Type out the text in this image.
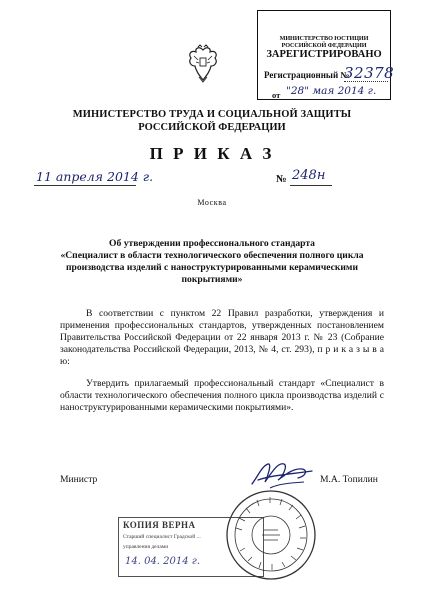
МИНИСТЕРСТВО ЮСТИЦИИ РОССИЙСКОЙ ФЕДЕРАЦИИ
ЗАРЕГИСТРИРОВАНО
Регистрационный №
32378
от "28" мая 2014 г.
МИНИСТЕРСТВО ТРУДА И СОЦИАЛЬНОЙ ЗАЩИТЫ
РОССИЙСКОЙ ФЕДЕРАЦИИ
П Р И К А З
11 апреля 2014 г.	№ 248н
Москва
Об утверждении профессионального стандарта
«Специалист в области технологического обеспечения полного цикла
производства изделий с наноструктурированными керамическими
покрытиями»
В соответствии с пунктом 22 Правил разработки, утверждения и применения профессиональных стандартов, утвержденных постановлением Правительства Российской Федерации от 22 января 2013 г. № 23 (Собрание законодательства Российской Федерации, 2013, № 4, ст. 293), п р и к а з ы в а ю:
Утвердить прилагаемый профессиональный стандарт «Специалист в области технологического обеспечения полного цикла производства изделий с наноструктурированными керамическими покрытиями».
Министр	М.А. Топилин
КОПИЯ ВЕРНА
Старший специалист Градской ...
управления делами
14. 04. 2014 г.
